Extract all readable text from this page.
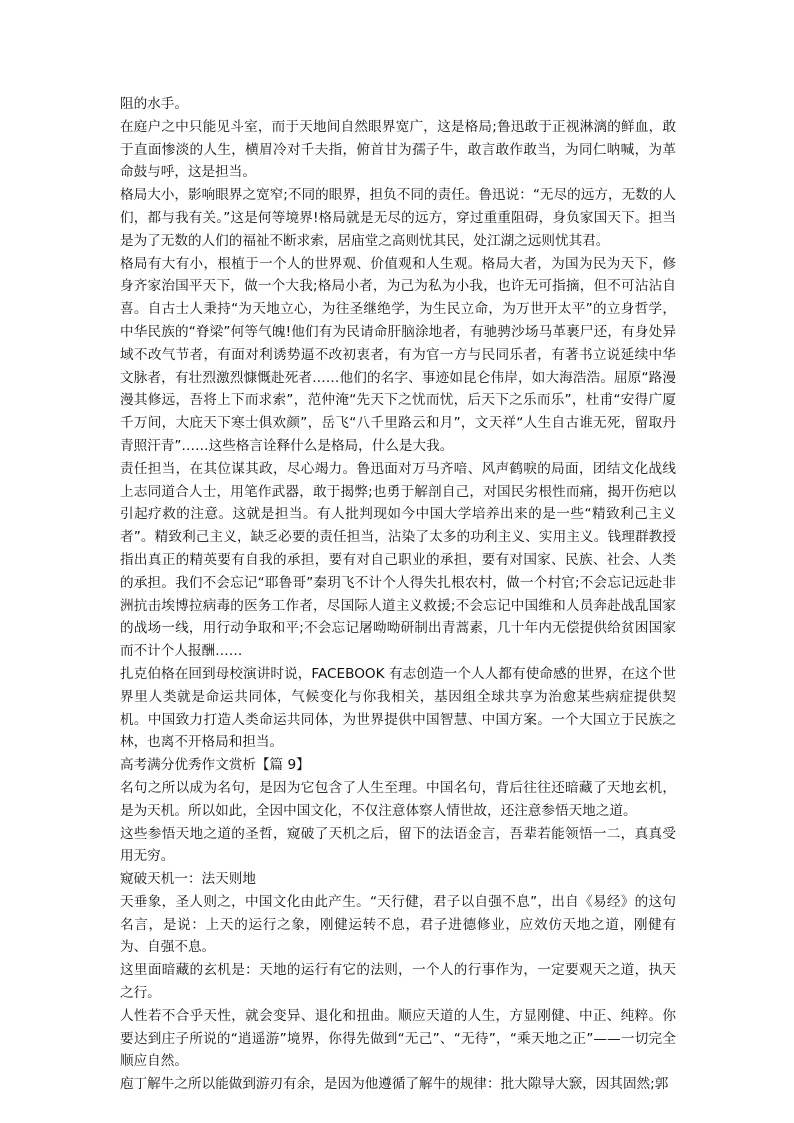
阻的水手。

在庭户之中只能见斗室，而于天地间自然眼界宽广，这是格局;鲁迅敢于正视淋漓的鲜血，敢于直面惨淡的人生，横眉冷对千夫指，俯首甘为孺子牛，敢言敢作敢当，为同仁呐喊，为革命鼓与呼，这是担当。

格局大小，影响眼界之宽窄;不同的眼界，担负不同的责任。鲁迅说：“无尽的远方，无数的人们，都与我有关。”这是何等境界!格局就是无尽的远方，穿过重重阻碍，身负家国天下。担当是为了无数的人们的福祉不断求索，居庙堂之高则忧其民，处江湖之远则忧其君。

格局有大有小，根植于一个人的世界观、价值观和人生观。格局大者，为国为民为天下，修身齐家治国平天下，做一个大我;格局小者，为己为私为小我，也许无可指摘，但不可沾沾自喜。自古士人秉持“为天地立心，为往圣继绝学，为生民立命，为万世开太平”的立身哲学，中华民族的“脊梁”何等气魄!他们有为民请命肝脑涂地者，有驰骋沙场马革裹尸还，有身处异域不改气节者，有面对利诱势逼不改初衷者，有为官一方与民同乐者，有著书立说延续中华文脉者，有壮烈激烈慷慨赴死者……他们的名字、事迹如昆仑伟岸，如大海浩浩。屈原“路漫漫其修远，吾将上下而求索”，范仲淹“先天下之忧而忧，后天下之乐而乐”，杜甫“安得广厦千万间，大庇天下寒士俱欢颜”，岳飞“八千里路云和月”，文天祥“人生自古谁无死，留取丹青照汗青”……这些格言诠释什么是格局，什么是大我。

责任担当，在其位谋其政，尽心竭力。鲁迅面对万马齐喑、风声鹤唳的局面，团结文化战线上志同道合人士，用笔作武器，敢于揭弊;也勇于解剖自己，对国民劣根性而痛，揭开伤疤以引起疗救的注意。这就是担当。有人批判现如今中国大学培养出来的是一些“精致利己主义者”。精致利己主义，缺乏必要的责任担当，沾染了太多的功利主义、实用主义。钱理群教授指出真正的精英要有自我的承担，要有对自己职业的承担，要有对国家、民族、社会、人类的承担。我们不会忘记“耶鲁哥”秦玥飞不计个人得失扎根农村，做一个村官;不会忘记远赴非洲抗击埃博拉病毒的医务工作者，尽国际人道主义救援;不会忘记中国维和人员奔赴战乱国家的战场一线，用行动争取和平;不会忘记屠呦呦研制出青蒿素，几十年内无偿提供给贫困国家而不计个人报酬……

扎克伯格在回到母校演讲时说，FACEBOOK 有志创造一个人人都有使命感的世界，在这个世界里人类就是命运共同体，气候变化与你我相关，基因组全球共享为治愈某些病症提供契机。中国致力打造人类命运共同体，为世界提供中国智慧、中国方案。一个大国立于民族之林，也离不开格局和担当。

高考满分优秀作文赏析【篇 9】

名句之所以成为名句，是因为它包含了人生至理。中国名句，背后往往还暗藏了天地玄机，是为天机。所以如此，全因中国文化，不仅注意体察人情世故，还注意参悟天地之道。

这些参悟天地之道的圣哲，窥破了天机之后，留下的法语金言，吾辈若能领悟一二，真真受用无穷。

窥破天机一：法天则地

天垂象，圣人则之，中国文化由此产生。“天行健，君子以自强不息”，出自《易经》的这句名言，是说：上天的运行之象，刚健运转不息，君子进德修业，应效仿天地之道，刚健有为、自强不息。

这里面暗藏的玄机是：天地的运行有它的法则，一个人的行事作为，一定要观天之道，执天之行。

人性若不合乎天性，就会变异、退化和扭曲。顺应天道的人生，方显刚健、中正、纯粹。你要达到庄子所说的“逍遥游”境界，你得先做到“无己”、“无待”，“乘天地之正”——一切完全顺应自然。

庖丁解牛之所以能做到游刃有余，是因为他遵循了解牛的规律：批大隙导大窾，因其固然;郭
